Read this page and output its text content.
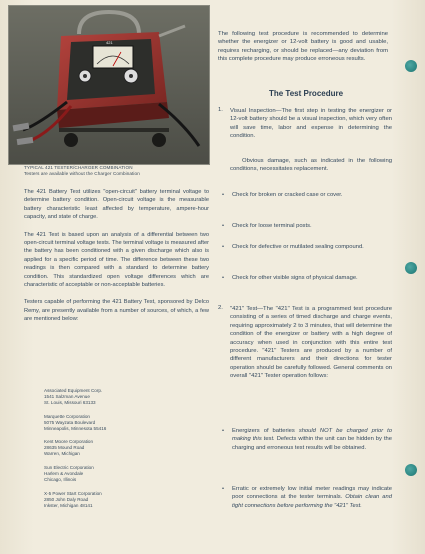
421
TYPICAL 421 TESTER/CHARGER COMBINATION
Testers are available without the Charger Combination

The 421 Battery Test utilizes "open-circuit" battery terminal voltage to determine battery condition. Open-circuit voltage is the measurable battery characteristic least affected by temperature, ampere-hour capacity, and state of charge.

The 421 Test is based upon an analysis of a differential between two open-circuit terminal voltage tests. The terminal voltage is measured after the battery has been conditioned with a given discharge which also is applied for a specific period of time. The difference between these two readings is then compared with a standard to determine battery condition. This standardized open voltage differences which are characteristic of acceptable or non-acceptable batteries.

Testers capable of performing the 421 Battery Test, sponsored by Delco Remy, are presently available from a number of sources, of which, a few are mentioned below:

Associated Equipment Corp.
1541 Salzman Avenue
St. Louis, Missouri 63133
Marquette Corporation
5075 Wayzata Boulevard
Minneapolis, Minnesota 55416
Kent Moore Corporation
28635 Mound Road
Warren, Michigan
Sun Electric Corporation
Harlem & Avondale
Chicago, Illinois
X-5 Power Start Corporation
2850 John Daly Road
Inkster, Michigan 48141
The following test procedure is recommended to determine whether the energizer or 12-volt battery is good and usable, requires recharging, or should be replaced—any deviation from this complete procedure may produce erroneous results.
The Test Procedure
1. Visual Inspection—The first step in testing the energizer or 12-volt battery should be a visual inspection, which very often will save time, labor and expense in determining the condition.
Obvious damage, such as indicated in the following conditions, necessitates replacement.
• Check for broken or cracked case or cover.
• Check for loose terminal posts.
• Check for defective or mutilated sealing compound.
• Check for other visible signs of physical damage.
2. "421" Test—The "421" Test is a programmed test procedure consisting of a series of timed discharge and charge events, requiring approximately 2 to 3 minutes, that will determine the condition of the energizer or battery with a high degree of accuracy when used in conjunction with this entire test procedure. "421" Testers are produced by a number of different manufacturers and their directions for tester operation should be carefully followed. General comments on overall "421" Tester operation follows:
• Energizers of batteries should NOT be charged prior to making this test. Defects within the unit can be hidden by the charging and erroneous test results will be obtained.
• Erratic or extremely low initial meter readings may indicate poor connections at the tester terminals. Obtain clean and tight connections before performing the "421" Test.
